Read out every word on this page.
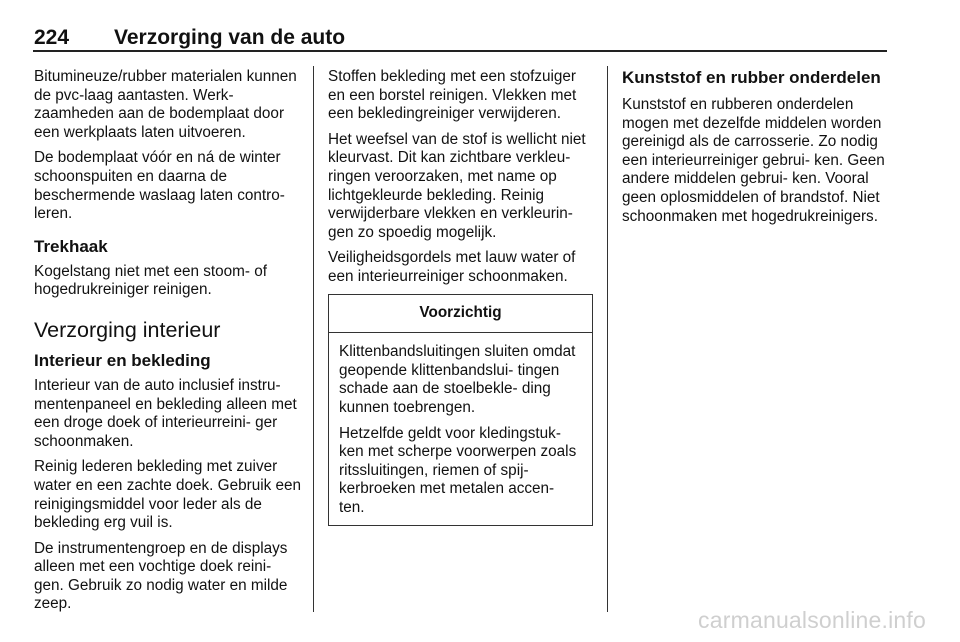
224 Verzorging van de auto

Bitumineuze/rubber materialen kunnen de pvc-laag aantasten. Werk- zaamheden aan de bodemplaat door een werkplaats laten uitvoeren.

De bodemplaat vóór en ná de winter schoonspuiten en daarna de beschermende waslaag laten contro- leren.

Trekhaak

Kogelstang niet met een stoom- of hogedrukreiniger reinigen.

Verzorging interieur
Interieur en bekleding

Interieur van de auto inclusief instru- mentenpaneel en bekleding alleen met een droge doek of interieurreini- ger schoonmaken.

Reinig lederen bekleding met zuiver water en een zachte doek. Gebruik een reinigingsmiddel voor leder als de bekleding erg vuil is.

De instrumentengroep en de displays alleen met een vochtige doek reini- gen. Gebruik zo nodig water en milde zeep.

Stoffen bekleding met een stofzuiger en een borstel reinigen. Vlekken met een bekledingreiniger verwijderen.

Het weefsel van de stof is wellicht niet kleurvast. Dit kan zichtbare verkleu- ringen veroorzaken, met name op lichtgekleurde bekleding. Reinig verwijderbare vlekken en verkleurin- gen zo spoedig mogelijk.

Veiligheidsgordels met lauw water of een interieurreiniger schoonmaken.

Voorzichtig

Klittenbandsluitingen sluiten omdat geopende klittenbandslui- tingen schade aan de stoelbekle- ding kunnen toebrengen.

Hetzelfde geldt voor kledingstuk- ken met scherpe voorwerpen zoals ritssluitingen, riemen of spij- kerbroeken met metalen accen- ten.

Kunststof en rubber onderdelen

Kunststof en rubberen onderdelen mogen met dezelfde middelen worden gereinigd als de carrosserie. Zo nodig een interieurreiniger gebrui- ken. Geen andere middelen gebrui- ken. Vooral geen oplosmiddelen of brandstof. Niet schoonmaken met hogedrukreinigers.

carmanualsonline.info
